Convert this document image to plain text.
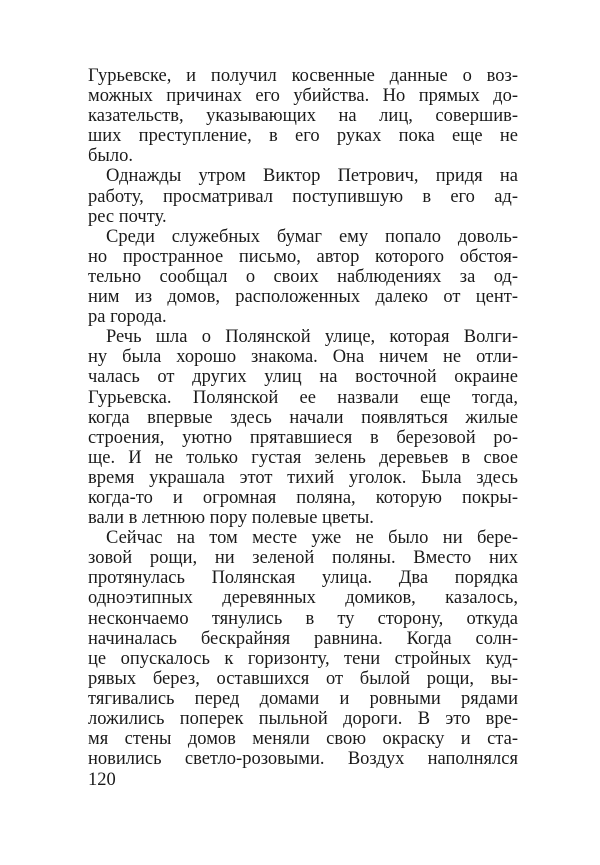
Гурьевске, и получил косвенные данные о воз-
можных причинах его убийства. Но прямых до-
казательств, указывающих на лиц, совершив-
ших преступление, в его руках пока еще не
было.
Однажды утром Виктор Петрович, придя на
работу, просматривал поступившую в его ад-
рес почту.
Среди служебных бумаг ему попало доволь-
но пространное письмо, автор которого обстоя-
тельно сообщал о своих наблюдениях за од-
ним из домов, расположенных далеко от цент-
ра города.
Речь шла о Полянской улице, которая Волги-
ну была хорошо знакома. Она ничем не отли-
чалась от других улиц на восточной окраине
Гурьевска. Полянской ее назвали еще тогда,
когда впервые здесь начали появляться жилые
строения, уютно прятавшиеся в березовой ро-
ще. И не только густая зелень деревьев в свое
время украшала этот тихий уголок. Была здесь
когда-то и огромная поляна, которую покры-
вали в летнюю пору полевые цветы.
Сейчас на том месте уже не было ни бере-
зовой рощи, ни зеленой поляны. Вместо них
протянулась Полянская улица. Два порядка
одноэтипных деревянных домиков, казалось,
нескончаемо тянулись в ту сторону, откуда
начиналась бескрайняя равнина. Когда солн-
це опускалось к горизонту, тени стройных куд-
рявых берез, оставшихся от былой рощи, вы-
тягивались перед домами и ровными рядами
ложились поперек пыльной дороги. В это вре-
мя стены домов меняли свою окраску и ста-
новились светло-розовыми. Воздух наполнялся
120
